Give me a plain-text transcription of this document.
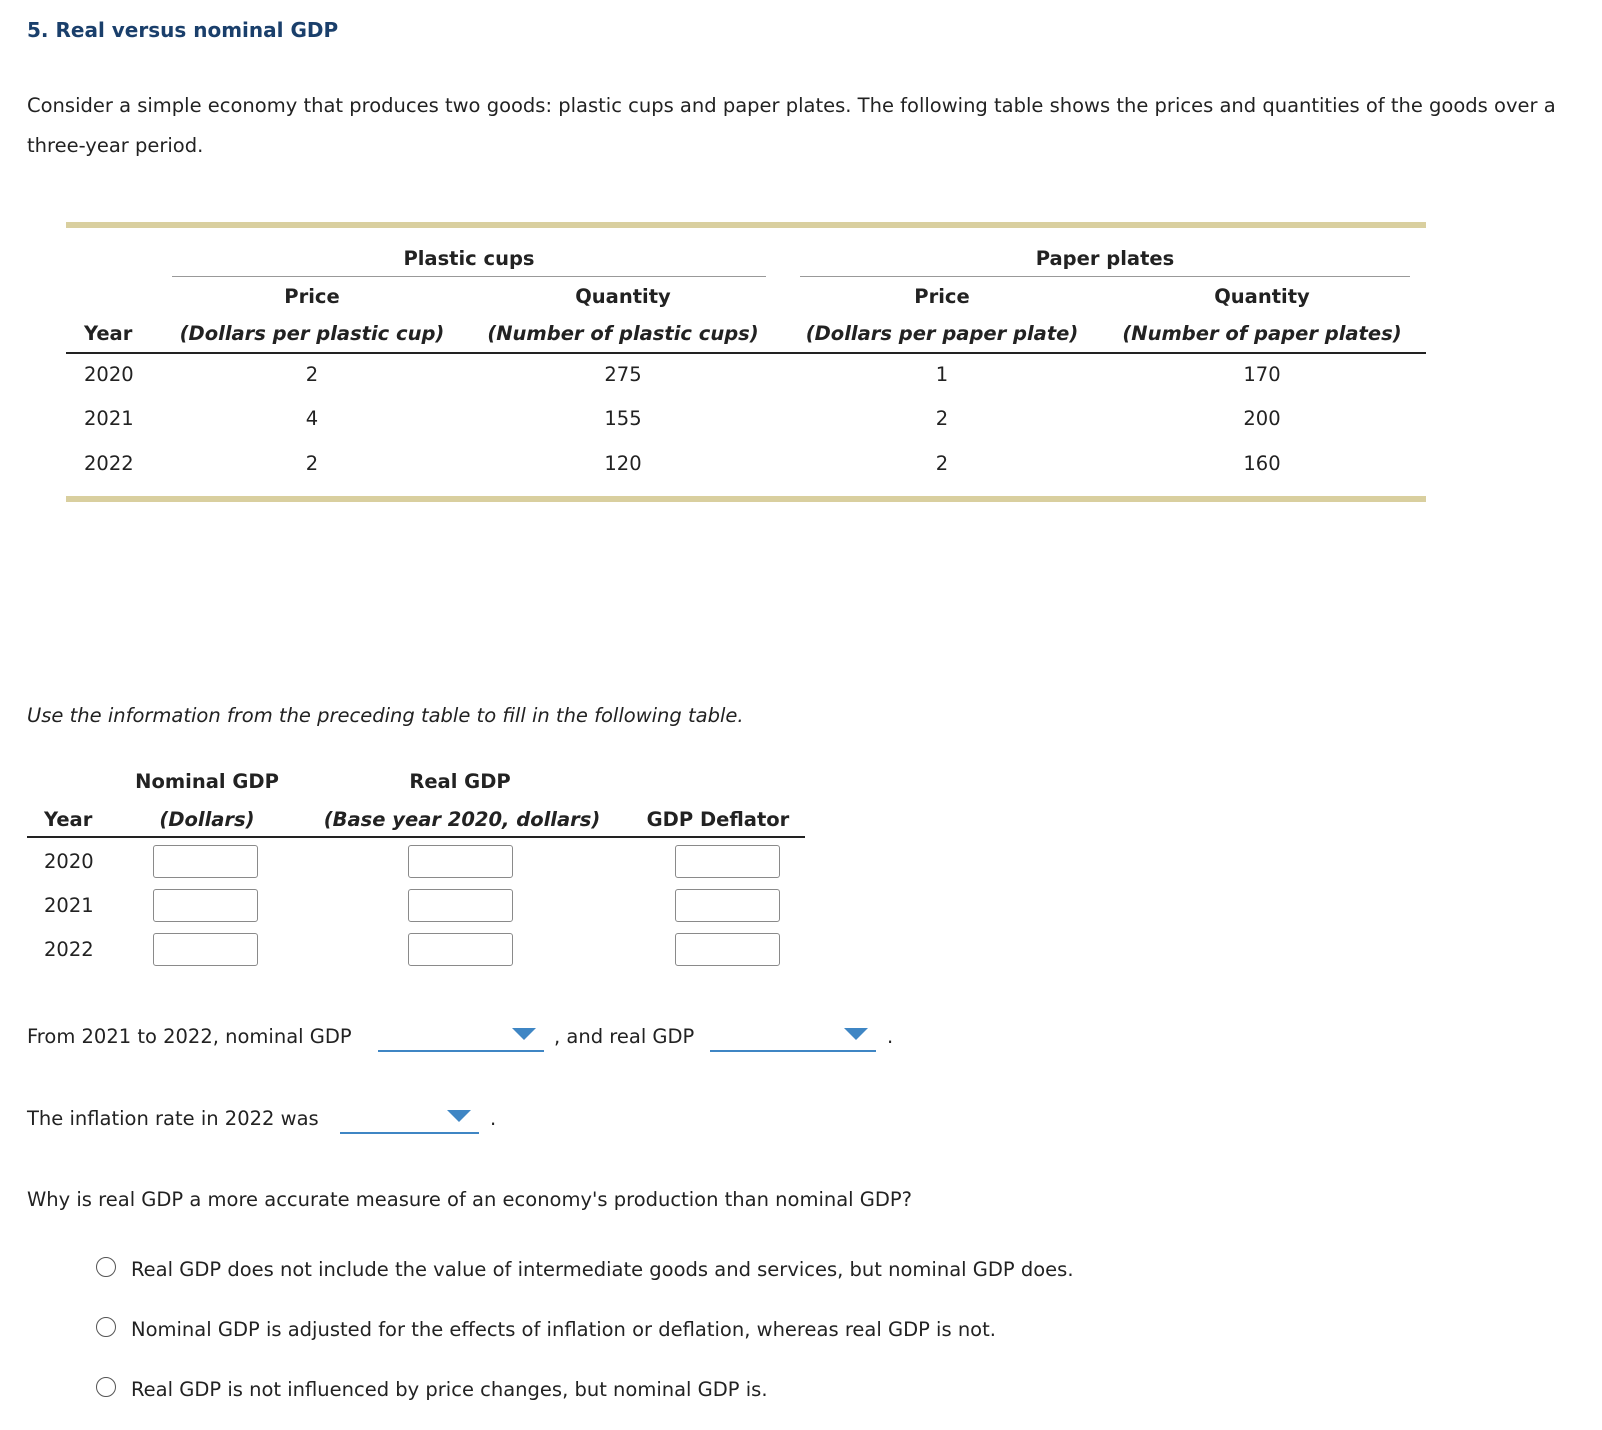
5. Real versus nominal GDP
Consider a simple economy that produces two goods: plastic cups and paper plates. The following table shows the prices and quantities of the goods over a three-year period.
Plastic cups	Paper plates
Price	Quantity	Price	Quantity
Year	(Dollars per plastic cup)	(Number of plastic cups)	(Dollars per paper plate)	(Number of paper plates)
2020	2	275	1	170
2021	4	155	2	200
2022	2	120	2	160
Use the information from the preceding table to fill in the following table.
Nominal GDP	Real GDP
Year	(Dollars)	(Base year 2020, dollars)	GDP Deflator
2020
2021
2022
From 2021 to 2022, nominal GDP	, and real GDP	.
The inflation rate in 2022 was	.
Why is real GDP a more accurate measure of an economy's production than nominal GDP?
Real GDP does not include the value of intermediate goods and services, but nominal GDP does.
Nominal GDP is adjusted for the effects of inflation or deflation, whereas real GDP is not.
Real GDP is not influenced by price changes, but nominal GDP is.
